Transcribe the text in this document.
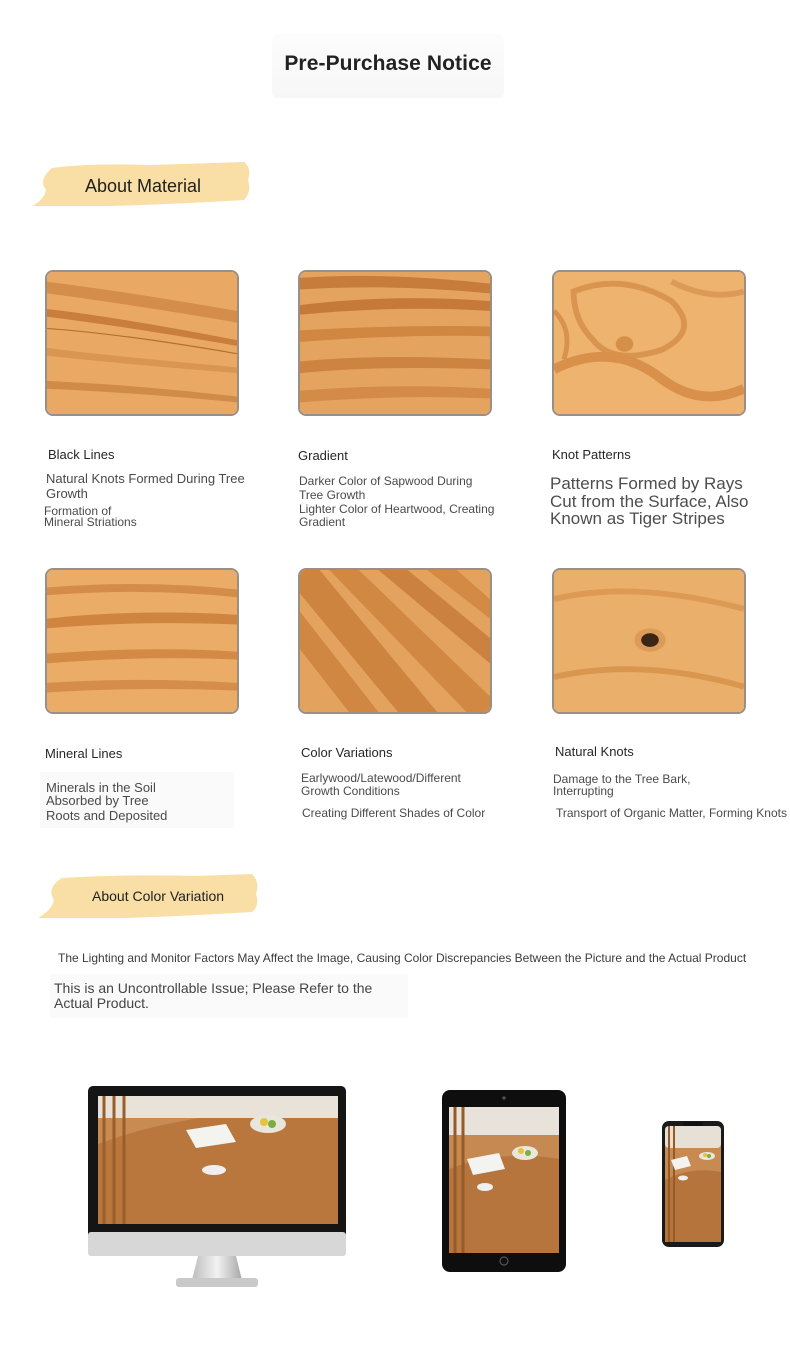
Pre-Purchase Notice
About Material
Black Lines
Natural Knots Formed During Tree
Growth
Formation of
Mineral Striations
Gradient
Darker Color of Sapwood During
Tree Growth
Lighter Color of Heartwood, Creating
Gradient
Knot Patterns
Patterns Formed by Rays
Cut from the Surface, Also
Known as Tiger Stripes
Mineral Lines
Minerals in the Soil
Absorbed by Tree
Roots and Deposited
Color Variations
Earlywood/Latewood/Different
Growth Conditions
Creating Different Shades of Color
Natural Knots
Damage to the Tree Bark,
Interrupting
Transport of Organic Matter, Forming Knots
About Color Variation
The Lighting and Monitor Factors May Affect the Image, Causing Color Discrepancies Between the Picture and the Actual Product
This is an Uncontrollable Issue; Please Refer to the
Actual Product.
